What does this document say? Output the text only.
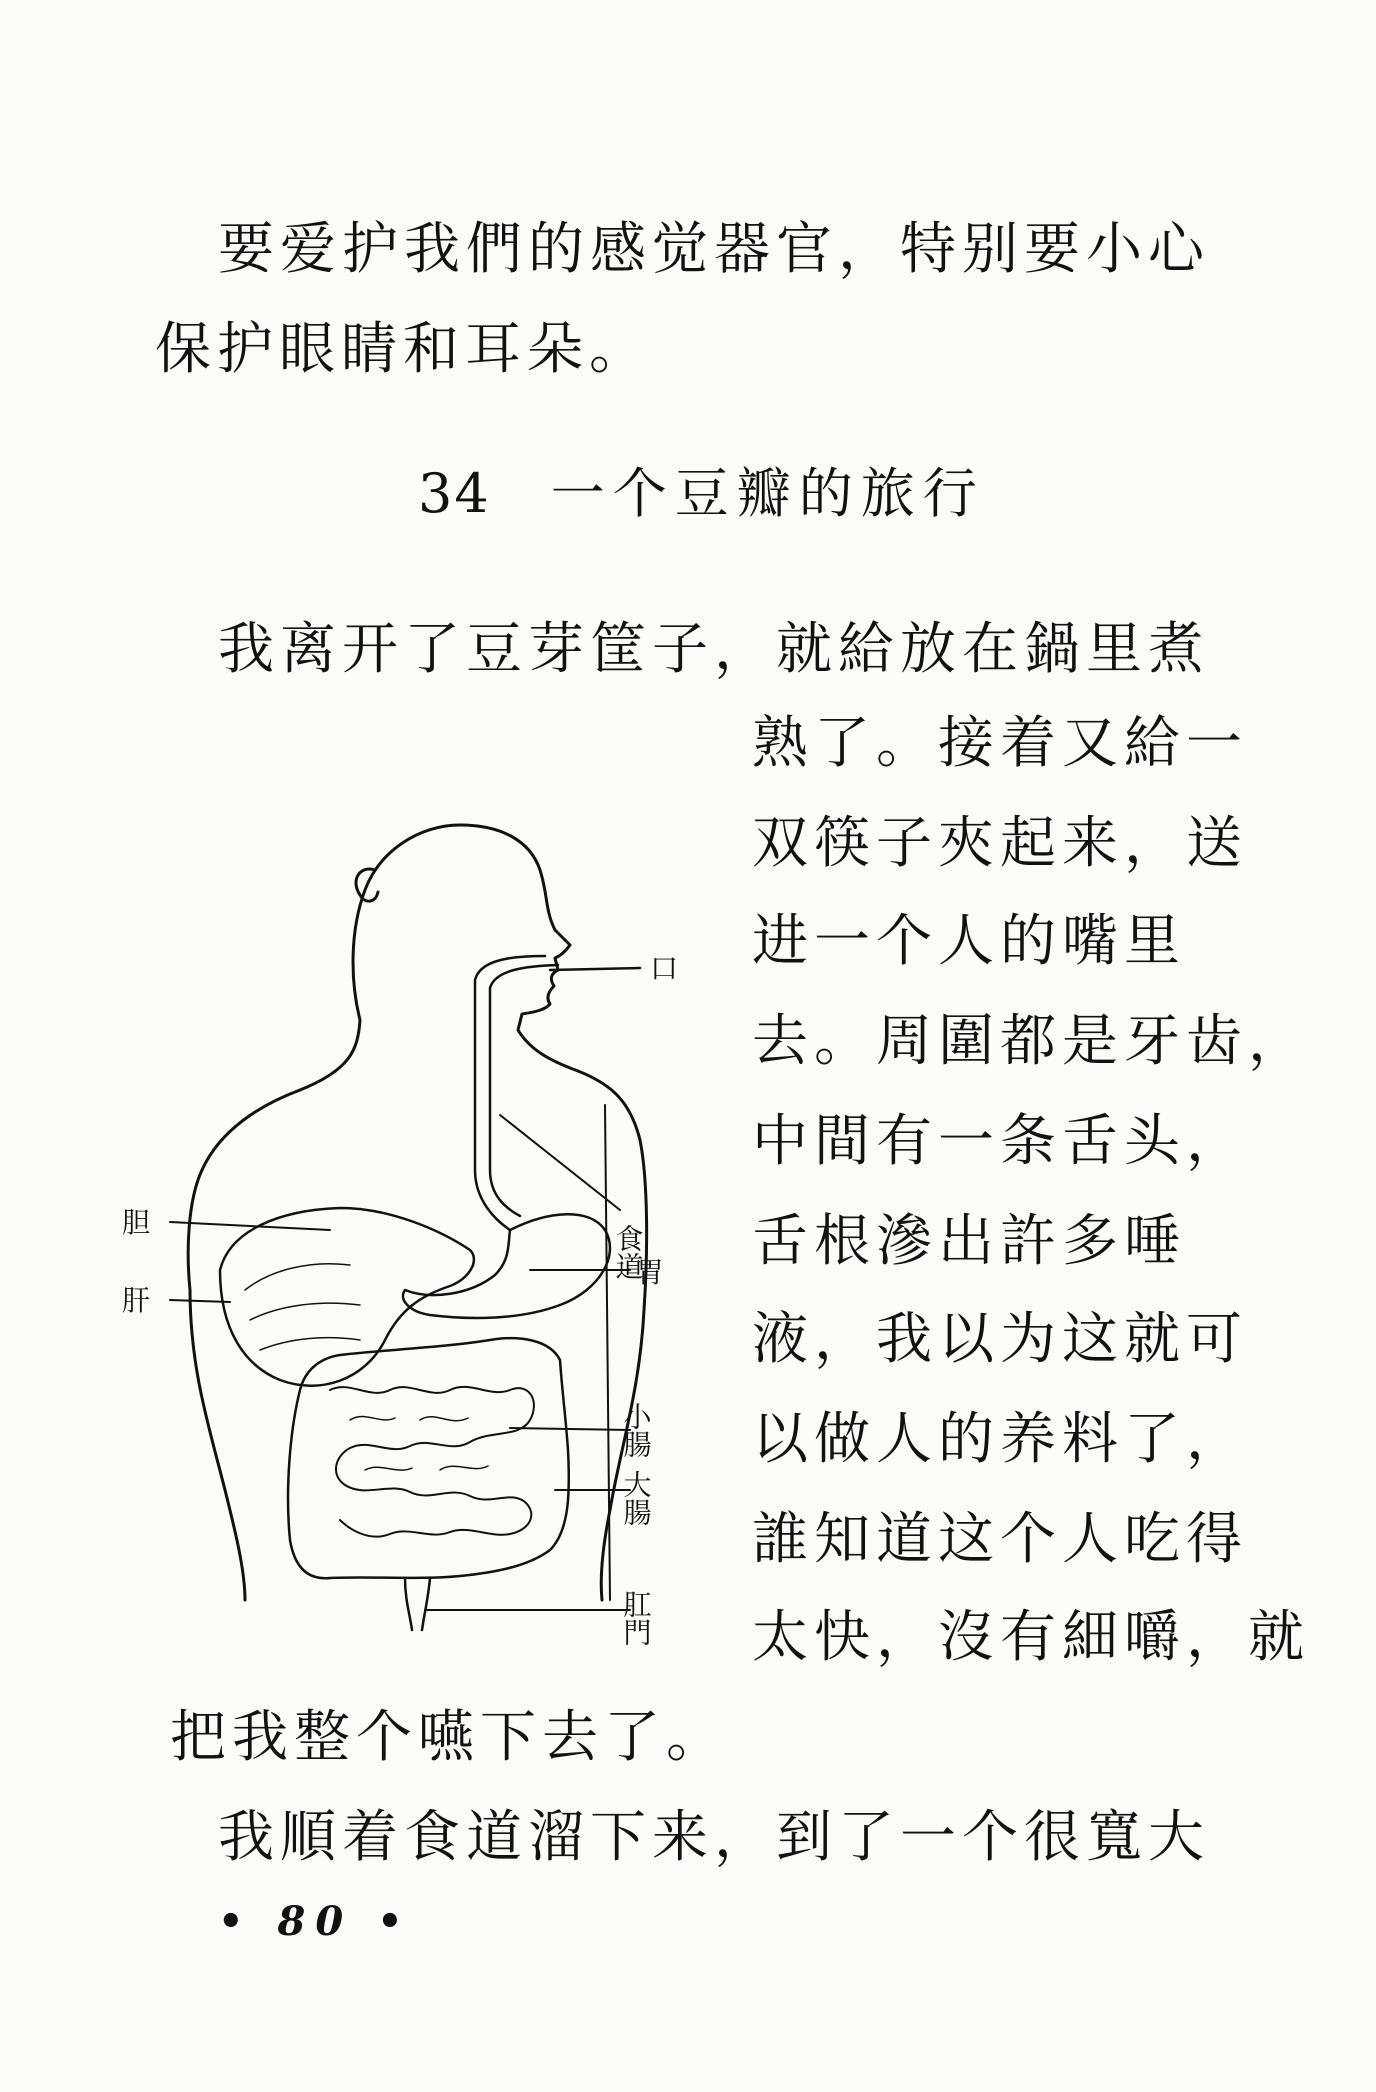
要爱护我們的感觉器官，特别要小心
保护眼睛和耳朵。
34 一个豆瓣的旅行
我离开了豆芽筐子，就給放在鍋里煮
熟了。接着又給一
双筷子夾起来，送
进一个人的嘴里
去。周圍都是牙齿，
中間有一条舌头，
舌根滲出許多唾
液，我以为这就可
以做人的养料了，
誰知道这个人吃得
太快，沒有細嚼，就
把我整个嚥下去了。
我順着食道溜下来，到了一个很寬大
口
食道
胃
小腸
大腸
肛門
胆
肝
• 80 •
